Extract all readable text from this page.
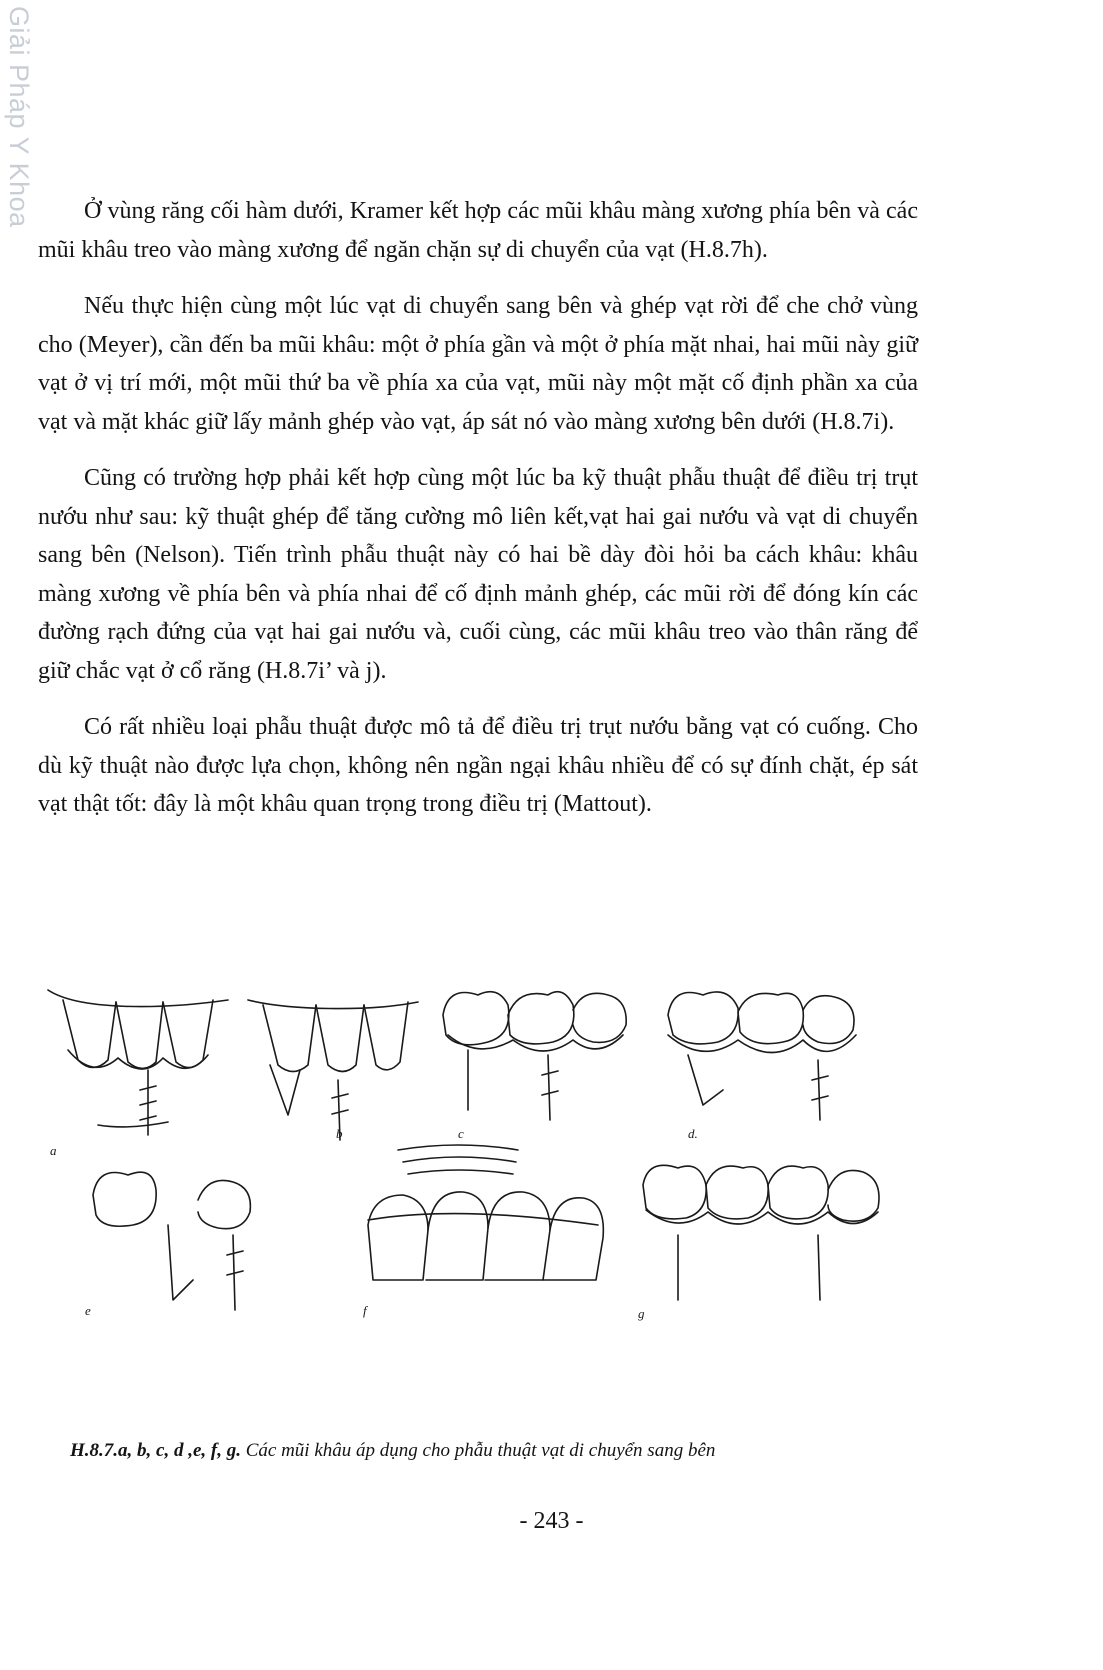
Giải Pháp Y Khoa	Ở vùng răng cối hàm dưới, Kramer kết hợp các mũi khâu màng xương phía bên và các mũi khâu treo vào màng xương để ngăn chặn sự di chuyển của vạt (H.8.7h).

Nếu thực hiện cùng một lúc vạt di chuyển sang bên và ghép vạt rời để che chở vùng cho (Meyer), cần đến ba mũi khâu: một ở phía gần và một ở phía mặt nhai, hai mũi này giữ vạt ở vị trí mới, một mũi thứ ba về phía xa của vạt, mũi này một mặt cố định phần xa của vạt và mặt khác giữ lấy mảnh ghép vào vạt, áp sát nó vào màng xương bên dưới (H.8.7i).

Cũng có trường hợp phải kết hợp cùng một lúc ba kỹ thuật phẫu thuật để điều trị trụt nướu như sau: kỹ thuật ghép để tăng cường mô liên kết,vạt hai gai nướu và vạt di chuyển sang bên (Nelson). Tiến trình phẫu thuật này có hai bề dày đòi hỏi ba cách khâu: khâu màng xương về phía bên và phía nhai để cố định mảnh ghép, các mũi rời để đóng kín các đường rạch đứng của vạt hai gai nướu và, cuối cùng, các mũi khâu treo vào thân răng để giữ chắc vạt ở cổ răng (H.8.7i’ và j).

Có rất nhiều loại phẫu thuật được mô tả để điều trị trụt nướu bằng vạt có cuống. Cho dù kỹ thuật nào được lựa chọn, không nên ngần ngại khâu nhiều để có sự đính chặt, ép sát vạt thật tốt: đây là một khâu quan trọng trong điều trị (Mattout).

a
b	c	d.
e	f	g
H.8.7.a, b, c, d ,e, f, g. Các mũi khâu áp dụng cho phẫu thuật vạt di chuyển sang bên
- 243 -
